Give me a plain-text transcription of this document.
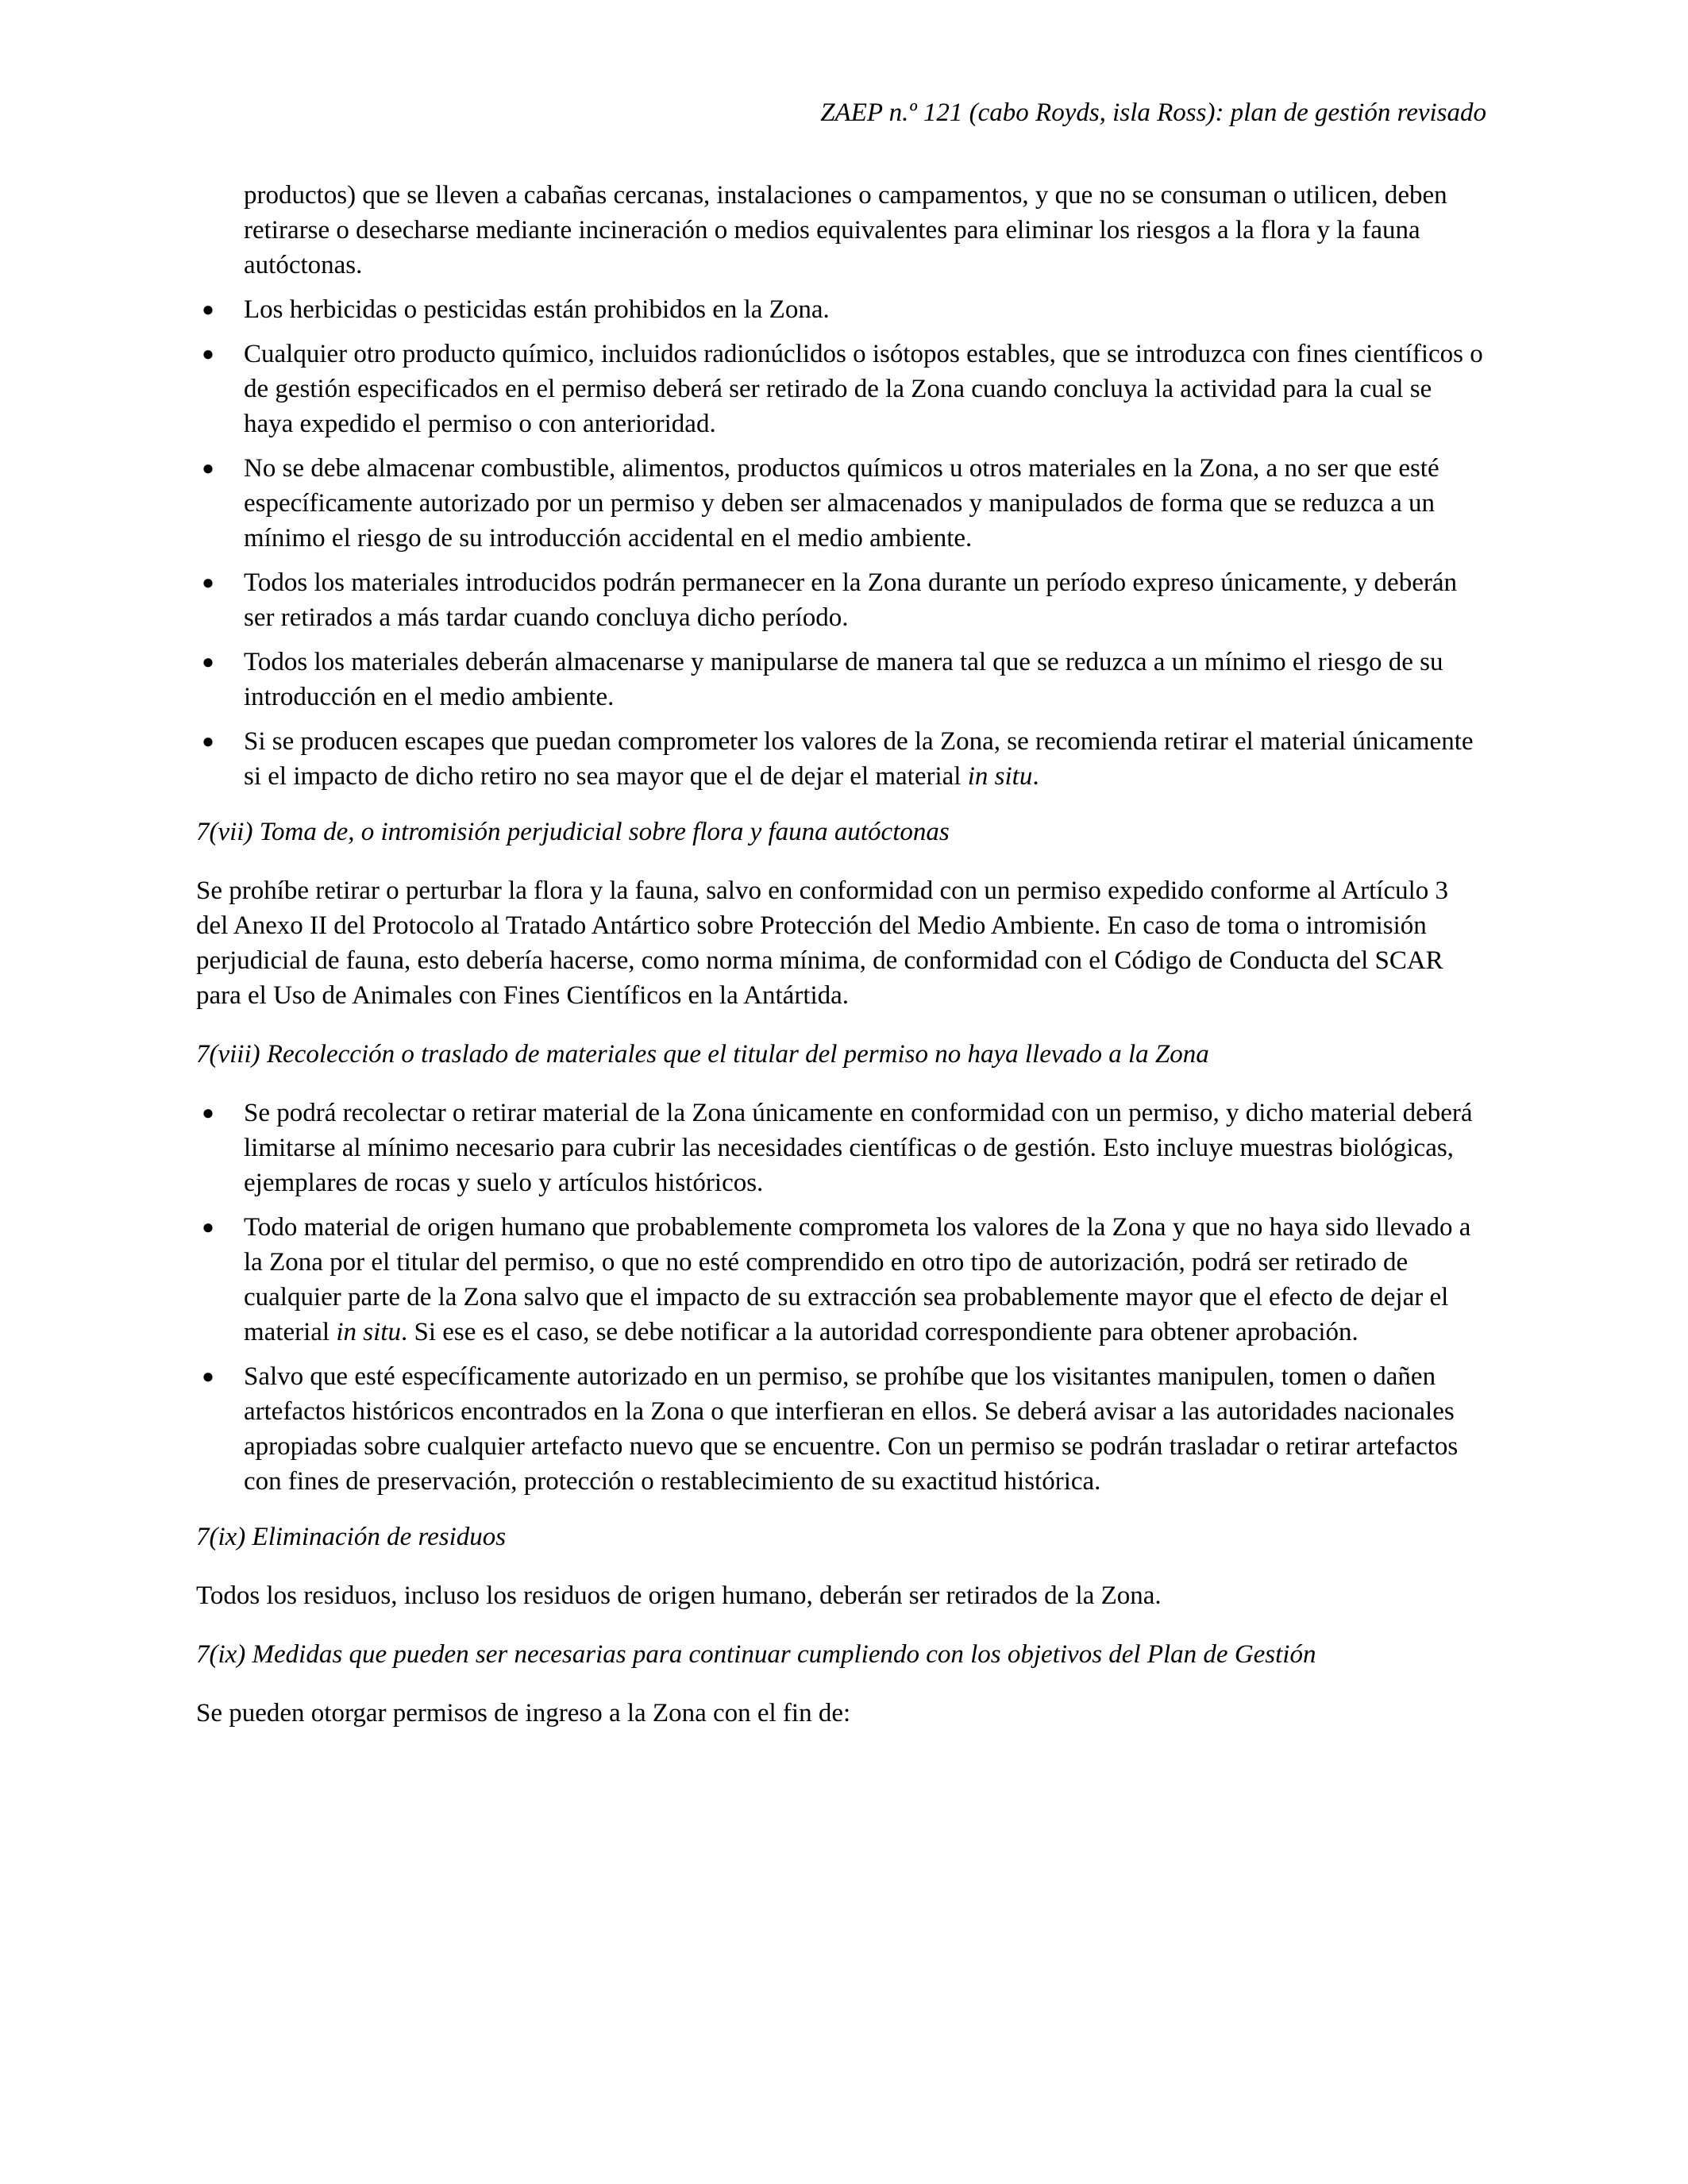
ZAEP n.º 121 (cabo Royds, isla Ross): plan de gestión revisado

productos) que se lleven a cabañas cercanas, instalaciones o campamentos, y que no se consuman o utilicen, deben retirarse o desecharse mediante incineración o medios equivalentes para eliminar los riesgos a la flora y la fauna autóctonas.

● Los herbicidas o pesticidas están prohibidos en la Zona.
● Cualquier otro producto químico, incluidos radionúclidos o isótopos estables, que se introduzca con fines científicos o de gestión especificados en el permiso deberá ser retirado de la Zona cuando concluya la actividad para la cual se haya expedido el permiso o con anterioridad.
● No se debe almacenar combustible, alimentos, productos químicos u otros materiales en la Zona, a no ser que esté específicamente autorizado por un permiso y deben ser almacenados y manipulados de forma que se reduzca a un mínimo el riesgo de su introducción accidental en el medio ambiente.
● Todos los materiales introducidos podrán permanecer en la Zona durante un período expreso únicamente, y deberán ser retirados a más tardar cuando concluya dicho período.
● Todos los materiales deberán almacenarse y manipularse de manera tal que se reduzca a un mínimo el riesgo de su introducción en el medio ambiente.
● Si se producen escapes que puedan comprometer los valores de la Zona, se recomienda retirar el material únicamente si el impacto de dicho retiro no sea mayor que el de dejar el material in situ.
7(vii) Toma de, o intromisión perjudicial sobre flora y fauna autóctonas

Se prohíbe retirar o perturbar la flora y la fauna, salvo en conformidad con un permiso expedido conforme al Artículo 3 del Anexo II del Protocolo al Tratado Antártico sobre Protección del Medio Ambiente. En caso de toma o intromisión perjudicial de fauna, esto debería hacerse, como norma mínima, de conformidad con el Código de Conducta del SCAR para el Uso de Animales con Fines Científicos en la Antártida.

7(viii) Recolección o traslado de materiales que el titular del permiso no haya llevado a la Zona
● Se podrá recolectar o retirar material de la Zona únicamente en conformidad con un permiso, y dicho material deberá limitarse al mínimo necesario para cubrir las necesidades científicas o de gestión. Esto incluye muestras biológicas, ejemplares de rocas y suelo y artículos históricos.
● Todo material de origen humano que probablemente comprometa los valores de la Zona y que no haya sido llevado a la Zona por el titular del permiso, o que no esté comprendido en otro tipo de autorización, podrá ser retirado de cualquier parte de la Zona salvo que el impacto de su extracción sea probablemente mayor que el efecto de dejar el material in situ. Si ese es el caso, se debe notificar a la autoridad correspondiente para obtener aprobación.
● Salvo que esté específicamente autorizado en un permiso, se prohíbe que los visitantes manipulen, tomen o dañen artefactos históricos encontrados en la Zona o que interfieran en ellos. Se deberá avisar a las autoridades nacionales apropiadas sobre cualquier artefacto nuevo que se encuentre. Con un permiso se podrán trasladar o retirar artefactos con fines de preservación, protección o restablecimiento de su exactitud histórica.
7(ix) Eliminación de residuos

Todos los residuos, incluso los residuos de origen humano, deberán ser retirados de la Zona.

7(ix) Medidas que pueden ser necesarias para continuar cumpliendo con los objetivos del Plan de Gestión

Se pueden otorgar permisos de ingreso a la Zona con el fin de:
